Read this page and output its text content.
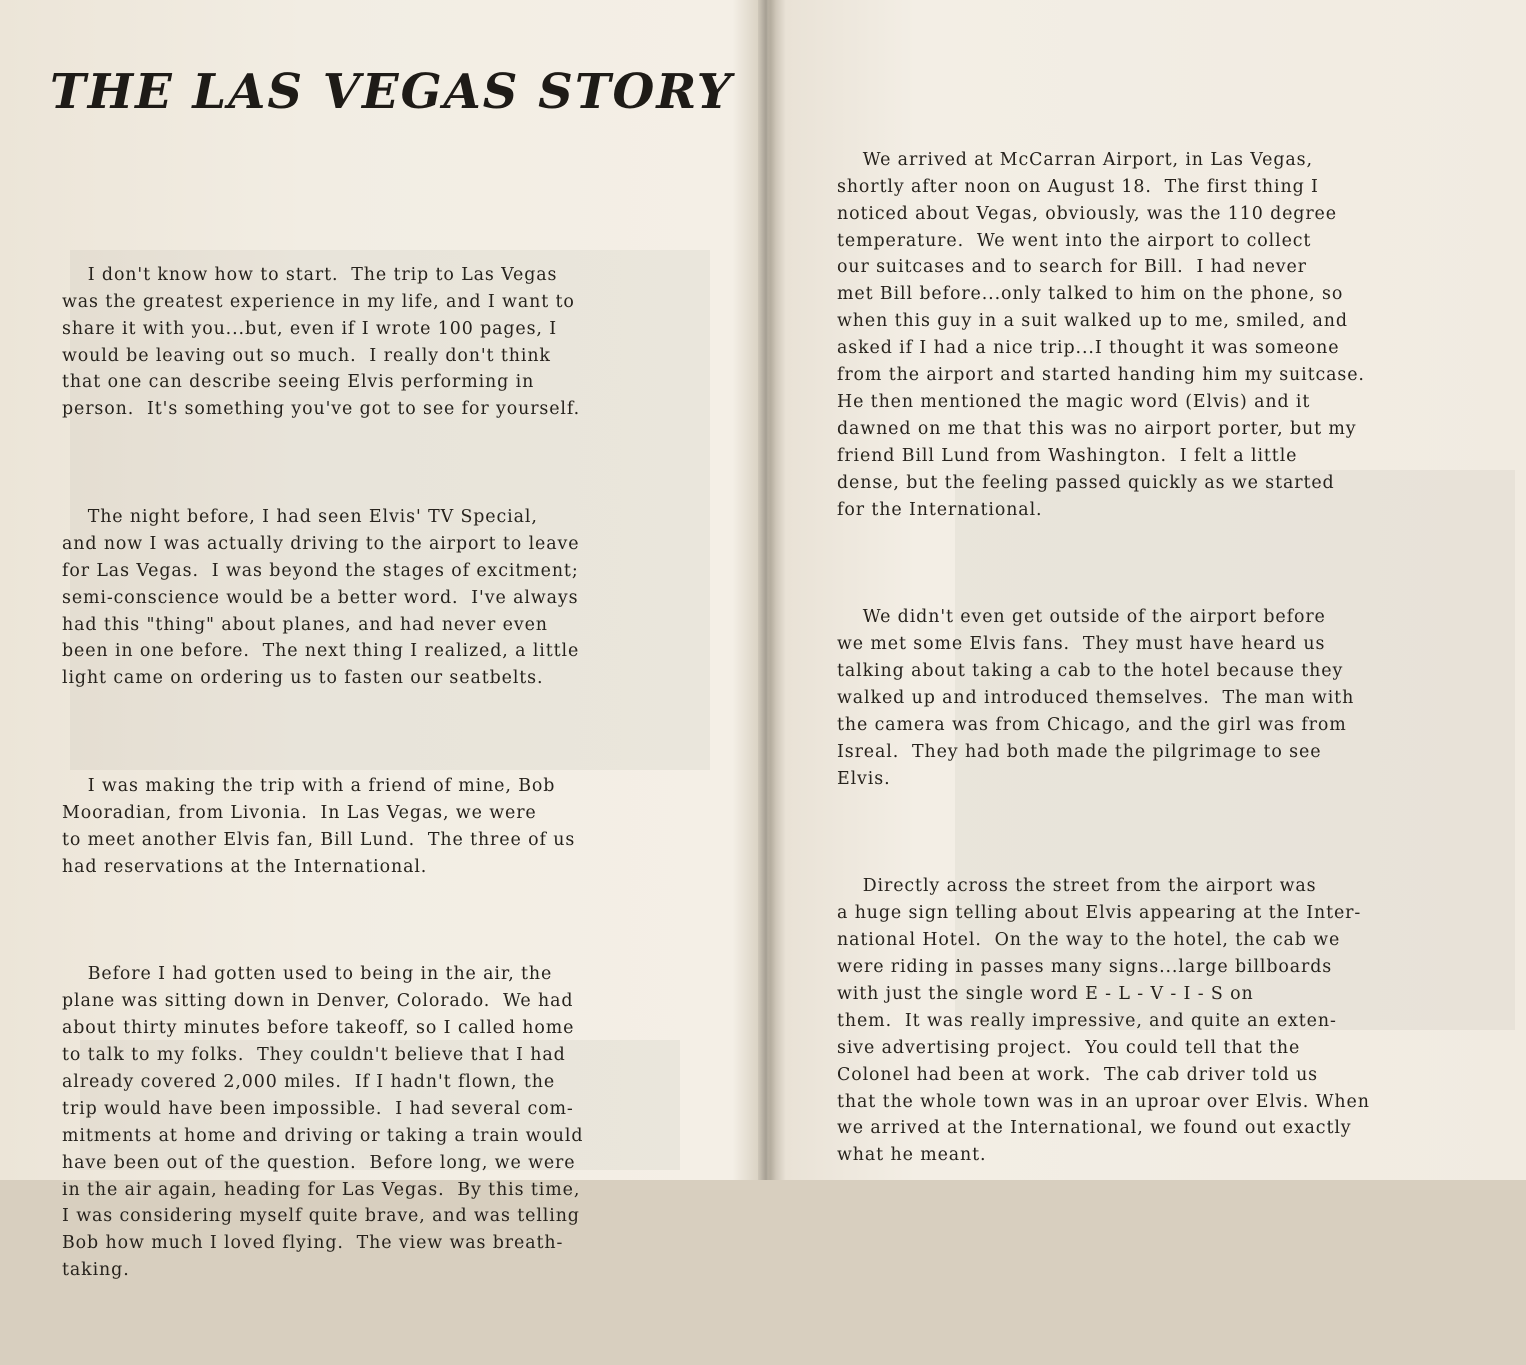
THE LAS VEGAS STORY

I don't know how to start.  The trip to Las Vegas
was the greatest experience in my life, and I want to
share it with you...but, even if I wrote 100 pages, I
would be leaving out so much.  I really don't think
that one can describe seeing Elvis performing in
person.  It's something you've got to see for yourself.

The night before, I had seen Elvis' TV Special,
and now I was actually driving to the airport to leave
for Las Vegas.  I was beyond the stages of excitment;
semi-conscience would be a better word.  I've always
had this "thing" about planes, and had never even
been in one before.  The next thing I realized, a little
light came on ordering us to fasten our seatbelts.

I was making the trip with a friend of mine, Bob
Mooradian, from Livonia.  In Las Vegas, we were
to meet another Elvis fan, Bill Lund.  The three of us
had reservations at the International.

Before I had gotten used to being in the air, the
plane was sitting down in Denver, Colorado.  We had
about thirty minutes before takeoff, so I called home
to talk to my folks.  They couldn't believe that I had
already covered 2,000 miles.  If I hadn't flown, the
trip would have been impossible.  I had several com-
mitments at home and driving or taking a train would
have been out of the question.  Before long, we were
in the air again, heading for Las Vegas.  By this time,
I was considering myself quite brave, and was telling
Bob how much I loved flying.  The view was breath-
taking.

We arrived at McCarran Airport, in Las Vegas,
shortly after noon on August 18.  The first thing I
noticed about Vegas, obviously, was the 110 degree
temperature.  We went into the airport to collect
our suitcases and to search for Bill.  I had never
met Bill before...only talked to him on the phone, so
when this guy in a suit walked up to me, smiled, and
asked if I had a nice trip...I thought it was someone
from the airport and started handing him my suitcase.
He then mentioned the magic word (Elvis) and it
dawned on me that this was no airport porter, but my
friend Bill Lund from Washington.  I felt a little
dense, but the feeling passed quickly as we started
for the International.

We didn't even get outside of the airport before
we met some Elvis fans.  They must have heard us
talking about taking a cab to the hotel because they
walked up and introduced themselves.  The man with
the camera was from Chicago, and the girl was from
Isreal.  They had both made the pilgrimage to see
Elvis.

Directly across the street from the airport was
a huge sign telling about Elvis appearing at the Inter-
national Hotel.  On the way to the hotel, the cab we
were riding in passes many signs...large billboards
with just the single word E - L - V - I - S on
them.  It was really impressive, and quite an exten-
sive advertising project.  You could tell that the
Colonel had been at work.  The cab driver told us
that the whole town was in an uproar over Elvis. When
we arrived at the International, we found out exactly
what he meant.
